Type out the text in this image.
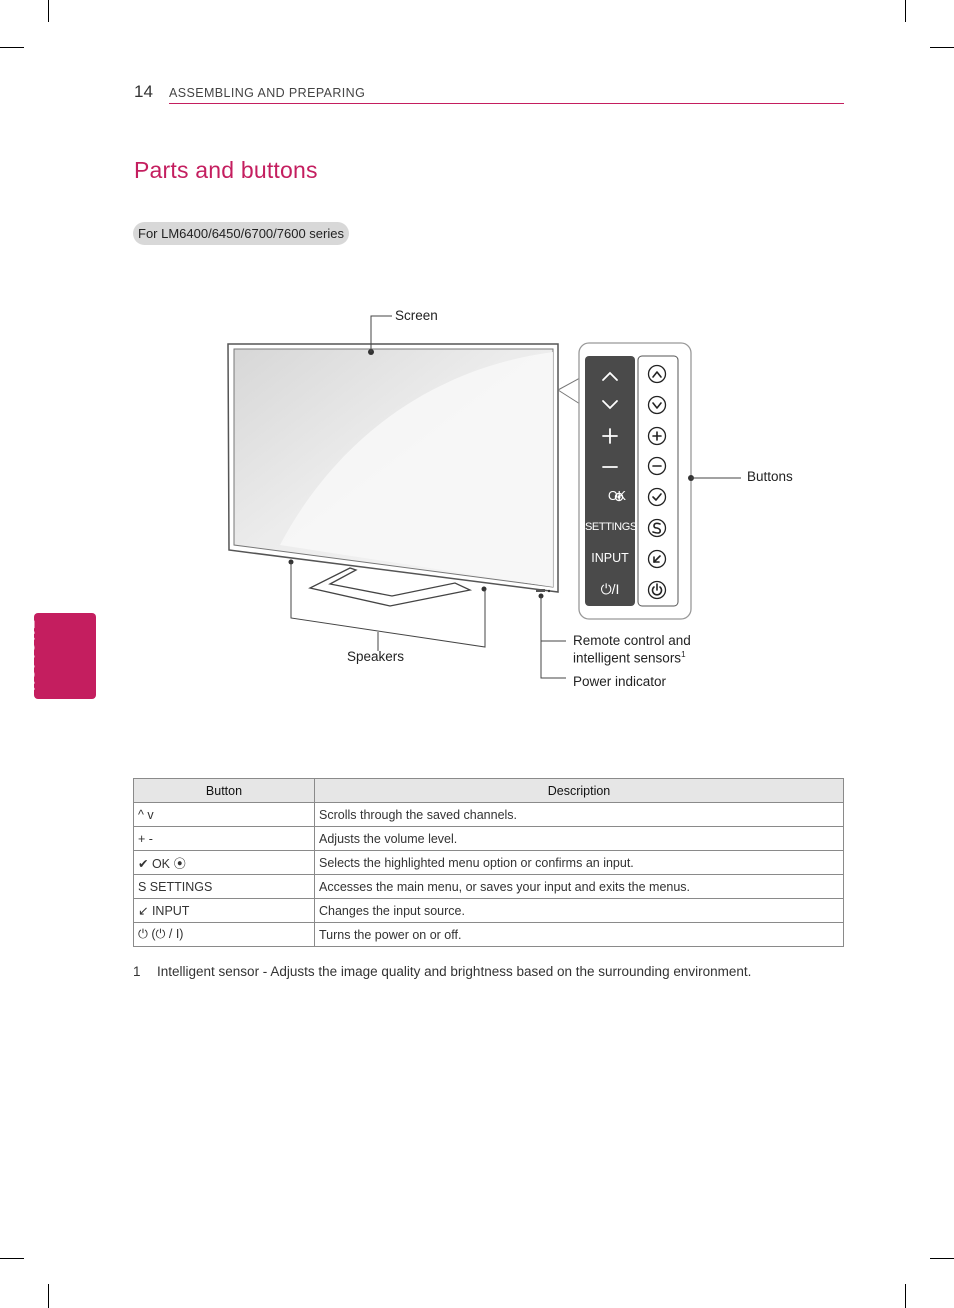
14 ASSEMBLING AND PREPARING
Parts and buttons
For LM6400/6450/6700/7600 series
ENGLISH
OK
SETTINGS
INPUT
⏻/I
Screen
Buttons
Speakers
Remote control and
intelligent sensors$^1$
Power indicator
Button	Description
^ v	Scrolls through the saved channels.
+ -	Adjusts the volume level.
✔ OK ⦿	Selects the highlighted menu option or confirms an input.
S SETTINGS	Accesses the main menu, or saves your input and exits the menus.
↙ INPUT	Changes the input source.
⏻ (⏻ / I)	Turns the power on or off.
1 Intelligent sensor - Adjusts the image quality and brightness based on the surrounding environment.
